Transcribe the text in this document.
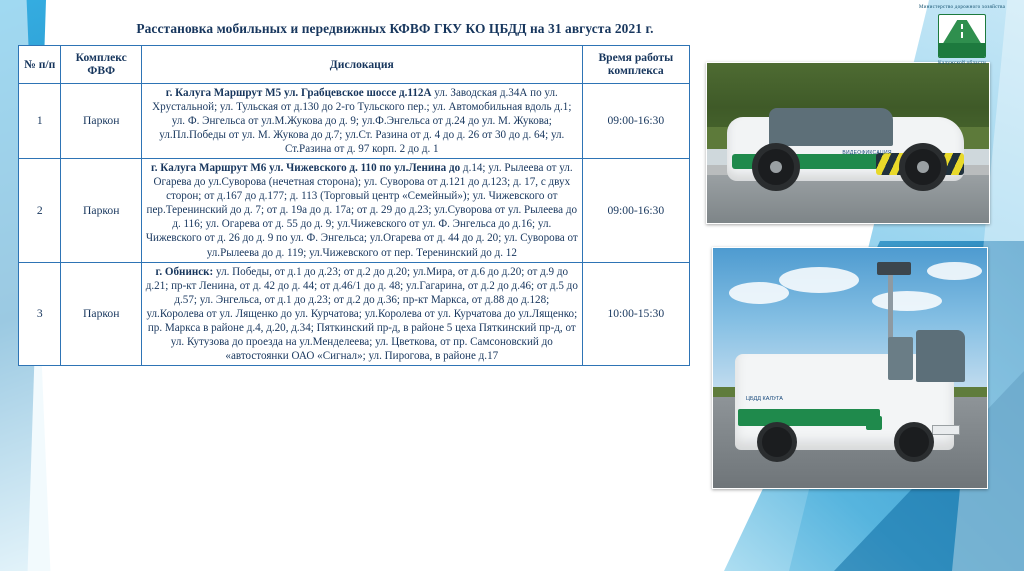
Министерство дорожного хозяйства
Калужской области
Расстановка мобильных и передвижных КФВФ ГКУ КО ЦБДД на 31 августа 2021 г.
№ п/п	Комплекс ФВФ	Дислокация	Время работы комплекса
1	Паркон	г. Калуга Маршрут М5 ул. Грабцевское шоссе д.112А ул. Заводская д.34А по ул. Хрустальной; ул. Тульская от д.130 до 2-го Тульского пер.; ул. Автомобильная вдоль д.1; ул. Ф. Энгельса от ул.М.Жукова до д. 9; ул.Ф.Энгельса от д.24 до ул. М. Жукова; ул.Пл.Победы от ул. М. Жукова до д.7; ул.Ст. Разина от д. 4 до д. 26 от 30 до д. 64; ул. Ст.Разина от д. 97 корп. 2 до д. 1	09:00-16:30
2	Паркон	г. Калуга Маршрут М6 ул. Чижевского д. 110 по ул.Ленина до д.14; ул. Рылеева от ул. Огарева до ул.Суворова (нечетная сторона); ул. Суворова от д.121 до д.123; д. 17, с двух сторон; от д.167 до д.177; д. 113 (Торговый центр «Семейный»); ул. Чижевского от пер.Теренинский до д. 7; от д. 19а до д. 17а; от д. 29 до д.23; ул.Суворова от ул. Рылеева до д. 116; ул. Огарева от д. 55 до д. 9; ул.Чижевского от ул. Ф. Энгельса до д.16; ул. Чижевского от д. 26 до д. 9 по ул. Ф. Энгельса; ул.Огарева от д. 44 до д. 20; ул. Суворова от ул.Рылеева до д. 119; ул.Чижевского от пер. Теренинский до д. 12	09:00-16:30
3	Паркон	г. Обнинск: ул. Победы, от д.1 до д.23; от д.2 до д.20; ул.Мира, от д.6 до д.20; от д.9 до д.21; пр-кт Ленина, от д. 42 до д. 44; от д.46/1 до д. 48; ул.Гагарина, от д.2 до д.46; от д.5 до д.57; ул. Энгельса, от д.1 до д.23; от д.2 до д.36; пр-кт Маркса, от д.88 до д.128; ул.Королева от ул. Лященко до ул. Курчатова; ул.Королева от ул. Курчатова до ул.Лященко; пр. Маркса в районе д.4, д.20, д.34; Пяткинский пр-д, в районе 5 цеха Пяткинский пр-д, от ул. Кутузова до проезда на ул.Менделеева; ул. Цветкова, от пр. Самсоновский до «автостоянки ОАО «Сигнал»; ул. Пирогова, в районе д.17	10:00-15:30
ВИДЕОФИКСАЦИЯ
ЦБДД КАЛУГА
